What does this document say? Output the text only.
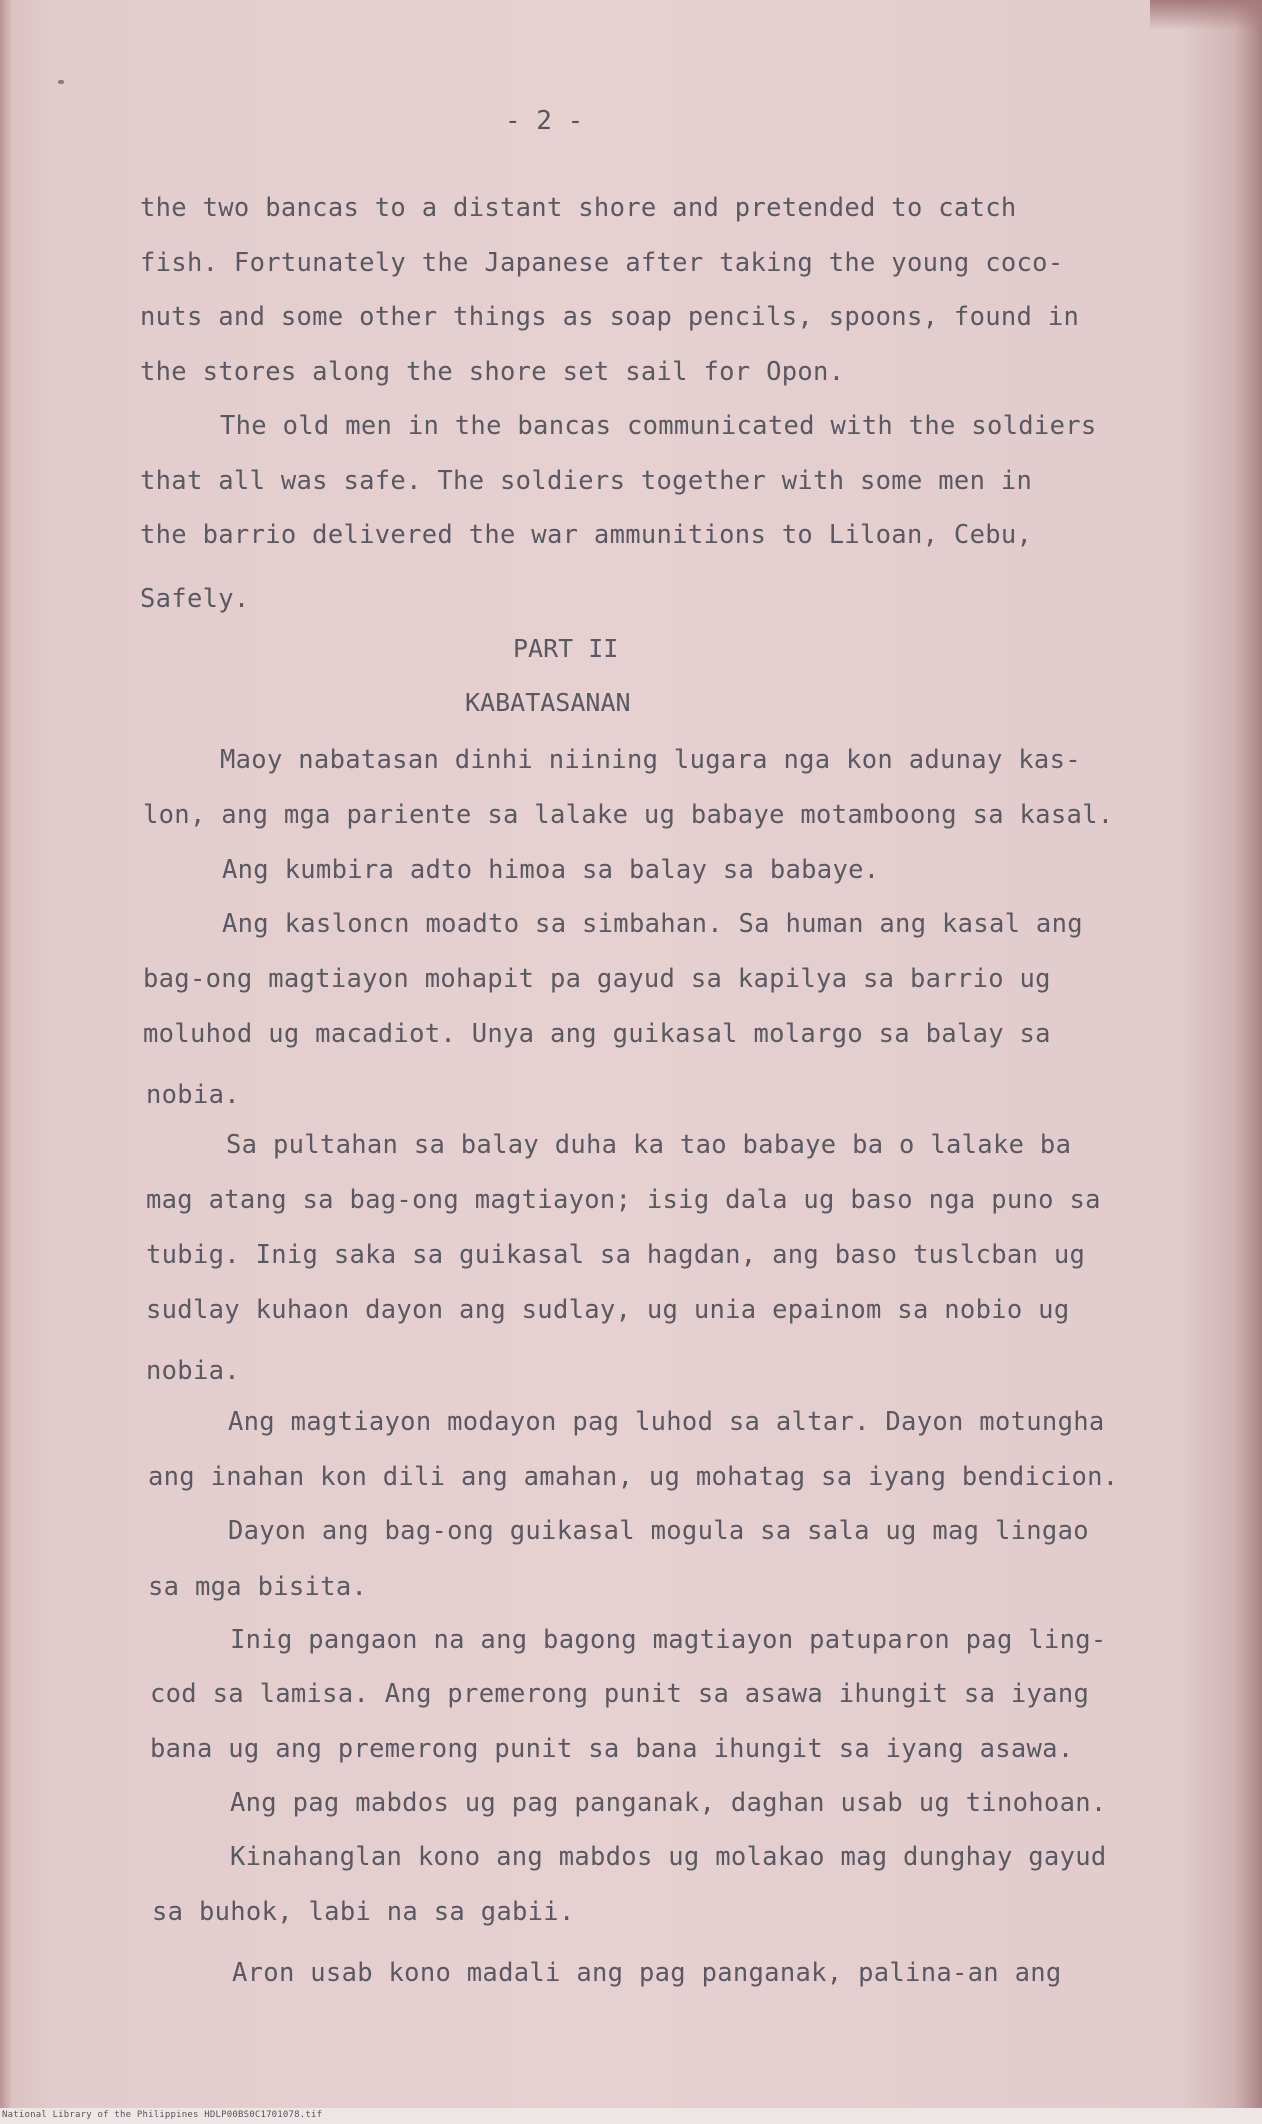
- 2 -
the two bancas to a distant shore and pretended to catch
fish. Fortunately the Japanese after taking the young coco-
nuts and some other things as soap pencils, spoons, found in
the stores along the shore set sail for Opon.
The old men in the bancas communicated with the soldiers
that all was safe. The soldiers together with some men in
the barrio delivered the war ammunitions to Liloan, Cebu,
Safely.
PART II
KABATASANAN
Maoy nabatasan dinhi niining lugara nga kon adunay kas-
lon, ang mga pariente sa lalake ug babaye motamboong sa kasal.
Ang kumbira adto himoa sa balay sa babaye.
Ang kasloncn moadto sa simbahan. Sa human ang kasal ang
bag-ong magtiayon mohapit pa gayud sa kapilya sa barrio ug
moluhod ug macadiot. Unya ang guikasal molargo sa balay sa
nobia.
Sa pultahan sa balay duha ka tao babaye ba o lalake ba
mag atang sa bag-ong magtiayon; isig dala ug baso nga puno sa
tubig. Inig saka sa guikasal sa hagdan, ang baso tuslcban ug
sudlay kuhaon dayon ang sudlay, ug unia epainom sa nobio ug
nobia.
Ang magtiayon modayon pag luhod sa altar. Dayon motungha
ang inahan kon dili ang amahan, ug mohatag sa iyang bendicion.
Dayon ang bag-ong guikasal mogula sa sala ug mag lingao
sa mga bisita.
Inig pangaon na ang bagong magtiayon patuparon pag ling-
cod sa lamisa. Ang premerong punit sa asawa ihungit sa iyang
bana ug ang premerong punit sa bana ihungit sa iyang asawa.
Ang pag mabdos ug pag panganak, daghan usab ug tinohoan.
Kinahanglan kono ang mabdos ug molakao mag dunghay gayud
sa buhok, labi na sa gabii.
Aron usab kono madali ang pag panganak, palina-an ang
National Library of the Philippines HDLP00BS0C1701078.tif
